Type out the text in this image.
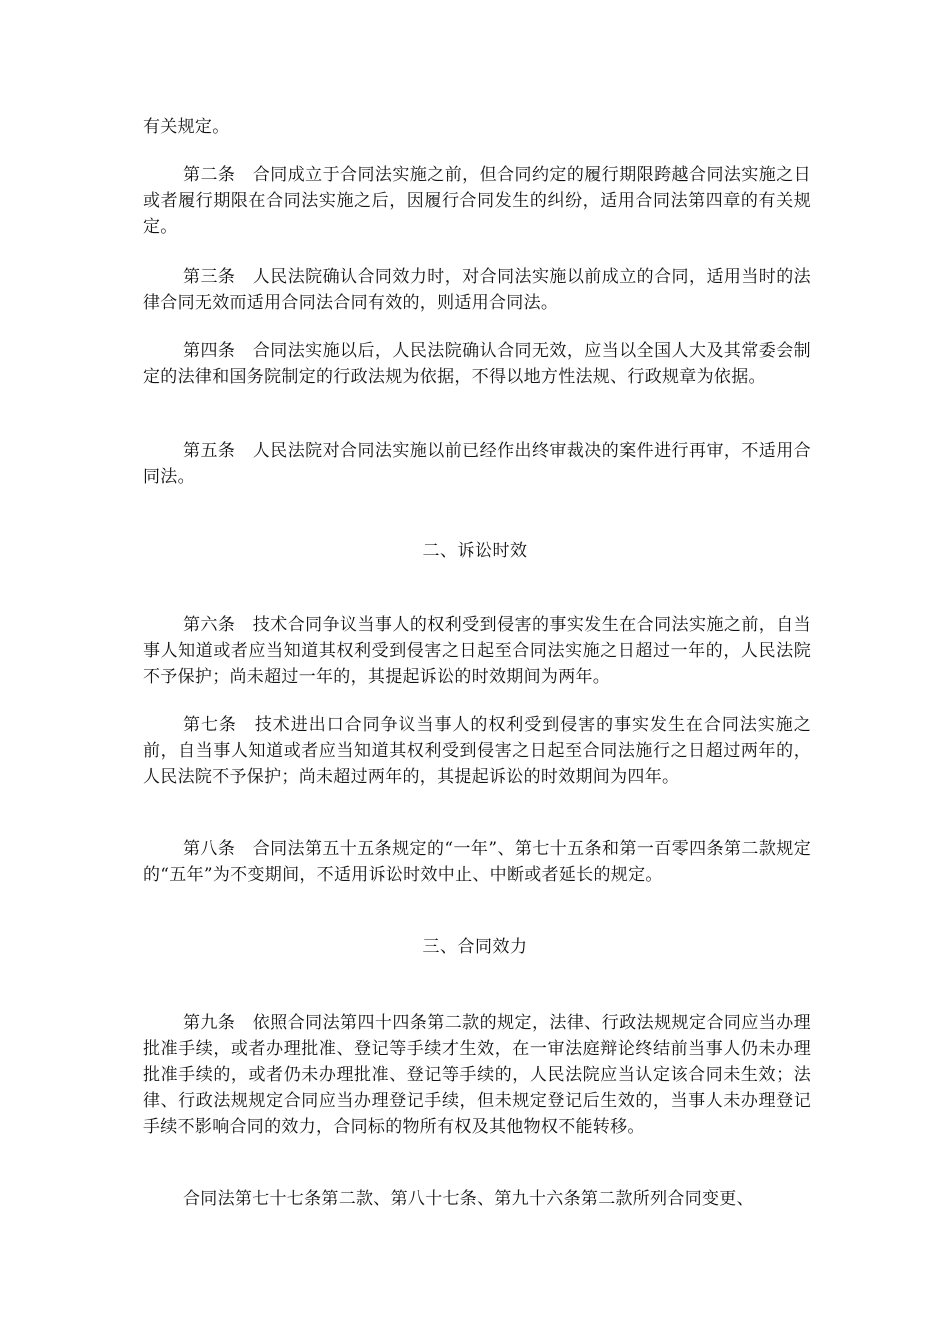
有关规定。

第二条　合同成立于合同法实施之前，但合同约定的履行期限跨越合同法实施之日或者履行期限在合同法实施之后，因履行合同发生的纠纷，适用合同法第四章的有关规定。

第三条　人民法院确认合同效力时，对合同法实施以前成立的合同，适用当时的法律合同无效而适用合同法合同有效的，则适用合同法。

第四条　合同法实施以后，人民法院确认合同无效，应当以全国人大及其常委会制定的法律和国务院制定的行政法规为依据，不得以地方性法规、行政规章为依据。

第五条　人民法院对合同法实施以前已经作出终审裁决的案件进行再审，不适用合同法。

二、诉讼时效

第六条　技术合同争议当事人的权利受到侵害的事实发生在合同法实施之前，自当事人知道或者应当知道其权利受到侵害之日起至合同法实施之日超过一年的，人民法院不予保护；尚未超过一年的，其提起诉讼的时效期间为两年。

第七条　技术进出口合同争议当事人的权利受到侵害的事实发生在合同法实施之前，自当事人知道或者应当知道其权利受到侵害之日起至合同法施行之日超过两年的，人民法院不予保护；尚未超过两年的，其提起诉讼的时效期间为四年。

第八条　合同法第五十五条规定的“一年”、第七十五条和第一百零四条第二款规定的“五年”为不变期间，不适用诉讼时效中止、中断或者延长的规定。

三、合同效力

第九条　依照合同法第四十四条第二款的规定，法律、行政法规规定合同应当办理批准手续，或者办理批准、登记等手续才生效，在一审法庭辩论终结前当事人仍未办理批准手续的，或者仍未办理批准、登记等手续的，人民法院应当认定该合同未生效；法律、行政法规规定合同应当办理登记手续，但未规定登记后生效的，当事人未办理登记手续不影响合同的效力，合同标的物所有权及其他物权不能转移。

合同法第七十七条第二款、第八十七条、第九十六条第二款所列合同变更、
